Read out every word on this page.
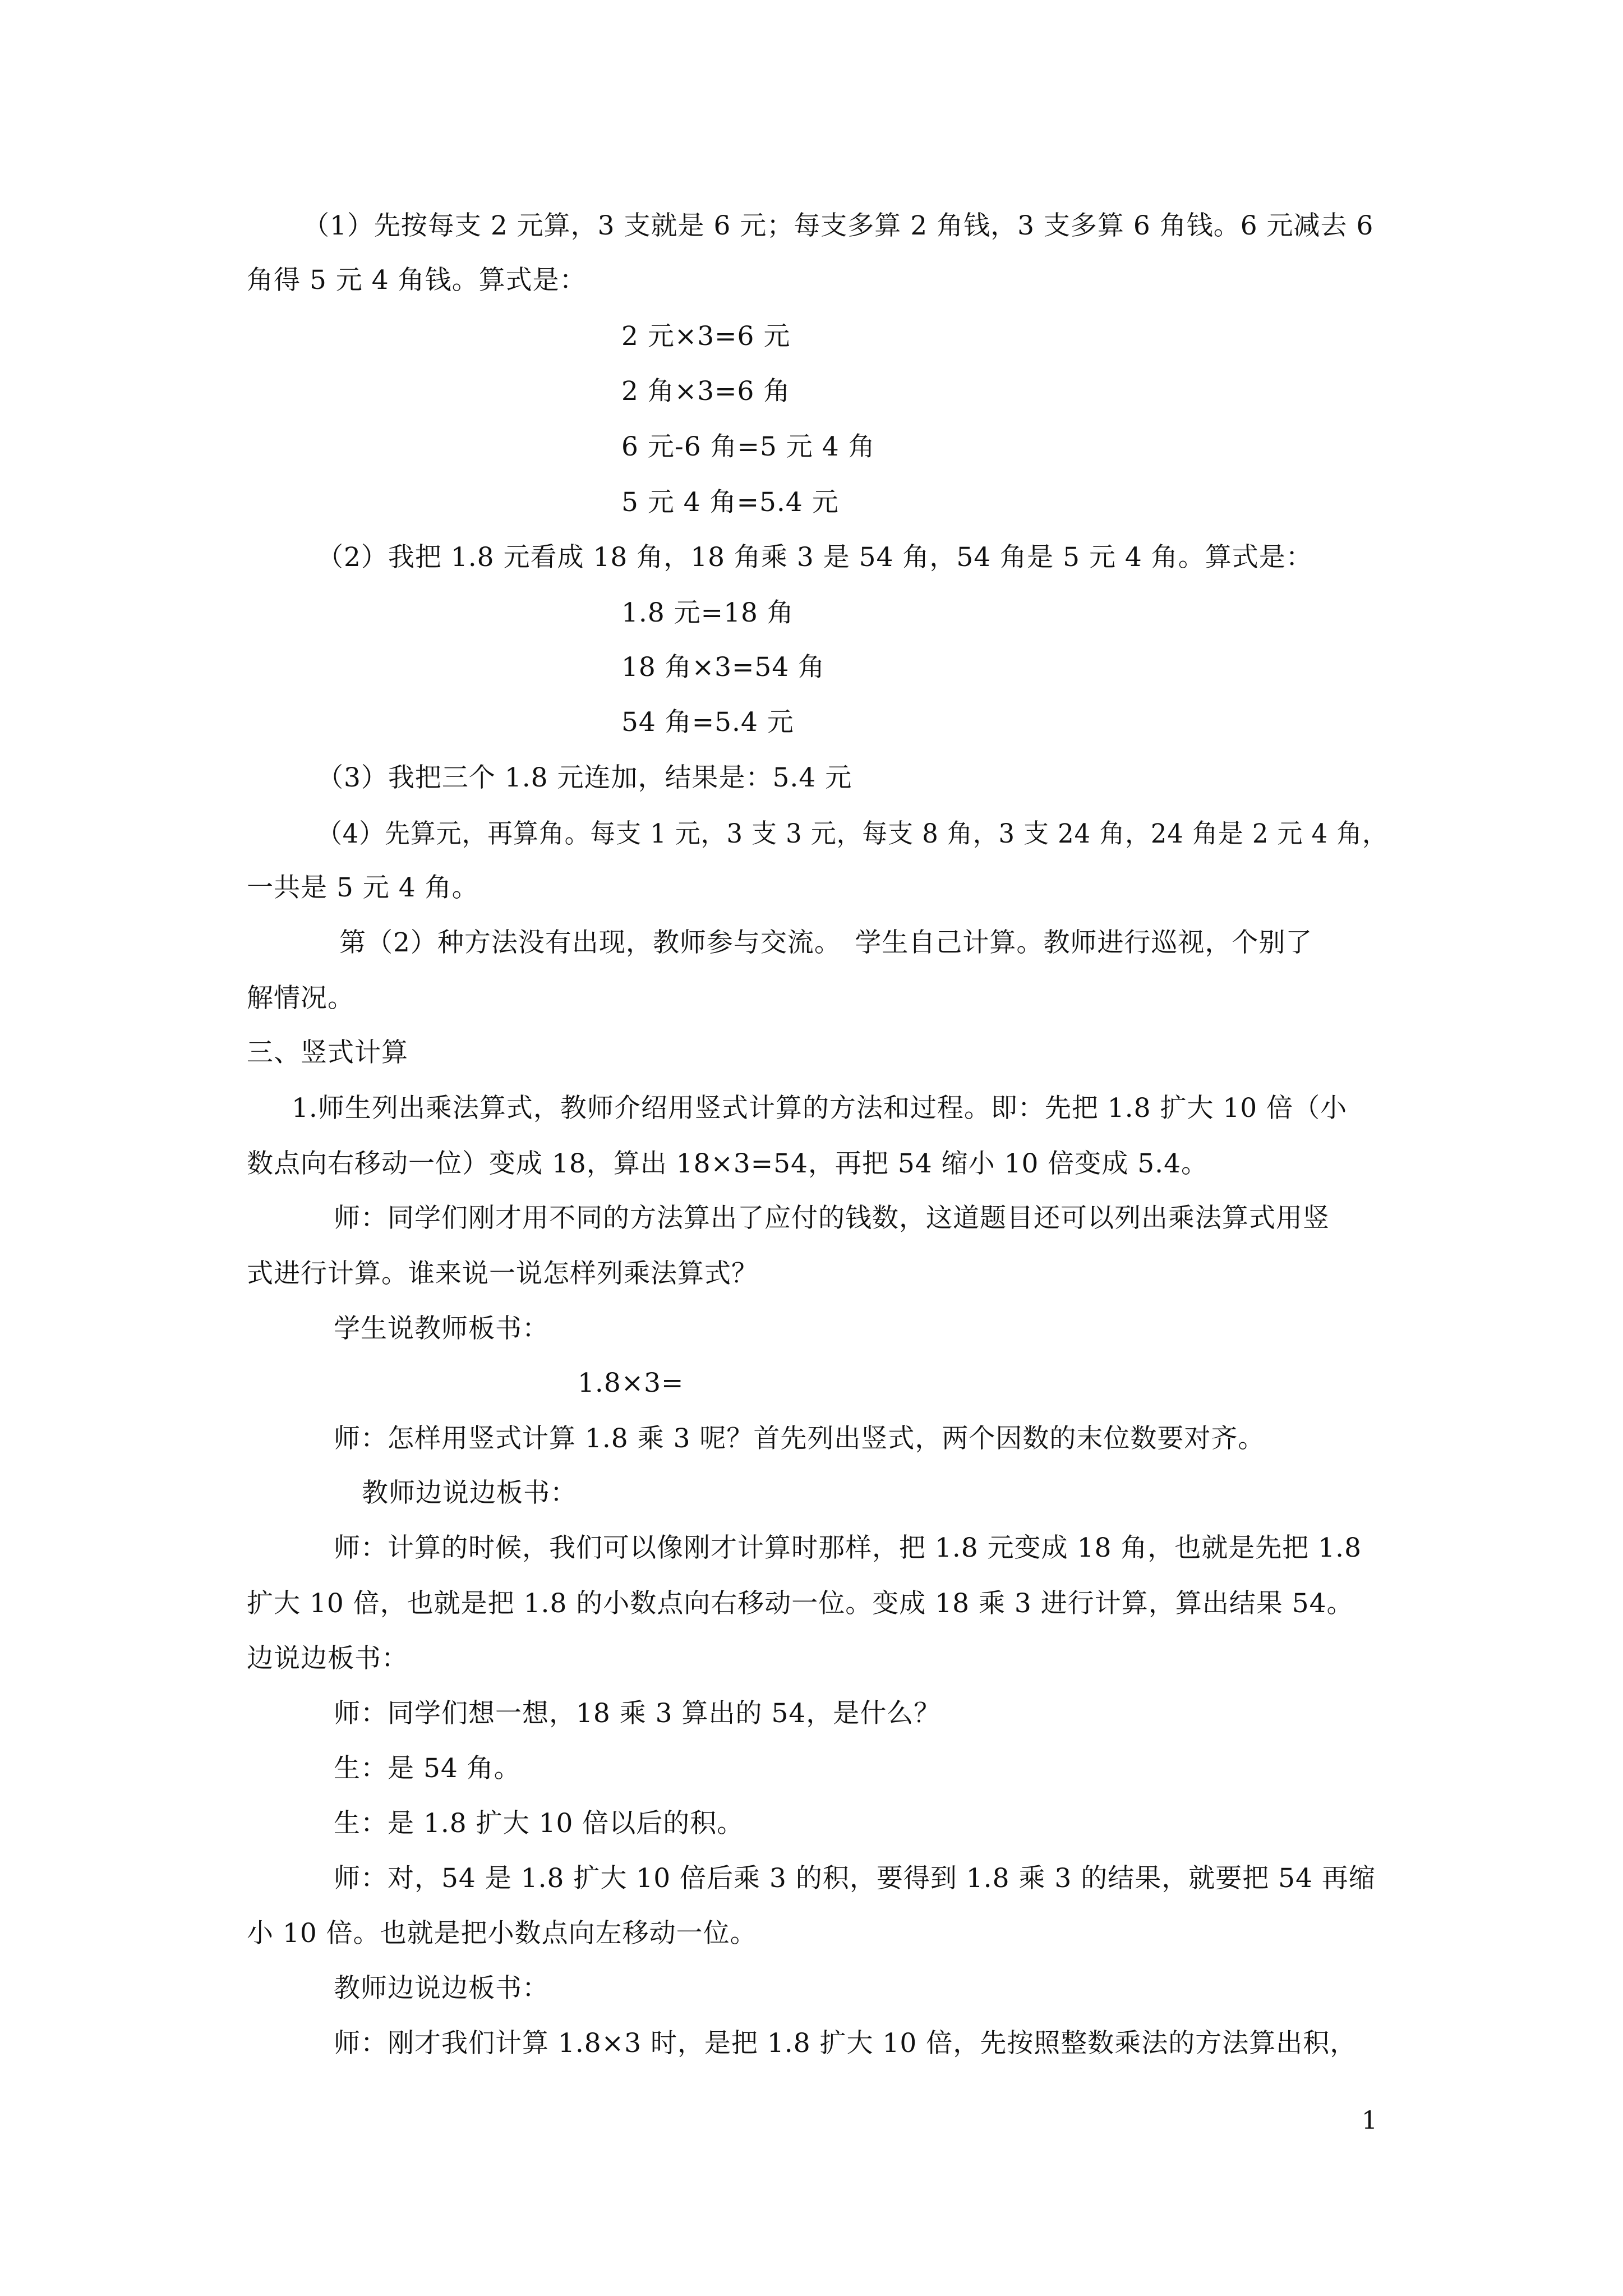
（1）先按每支 2 元算，3 支就是 6 元；每支多算 2 角钱，3 支多算 6 角钱。6 元减去 6

角得 5 元 4 角钱。算式是：

2 元×3=6 元

2 角×3=6 角

6 元-6 角=5 元 4 角

5 元 4 角=5.4 元

（2）我把 1.8 元看成 18 角，18 角乘 3 是 54 角，54 角是 5 元 4 角。算式是：

1.8 元=18 角

18 角×3=54 角

54 角=5.4 元

（3）我把三个 1.8 元连加，结果是：5.4 元

（4）先算元，再算角。每支 1 元，3 支 3 元，每支 8 角，3 支 24 角，24 角是 2 元 4 角，

一共是 5 元 4 角。

第（2）种方法没有出现，教师参与交流。　学生自己计算。教师进行巡视，个别了

解情况。

三、竖式计算

1.师生列出乘法算式，教师介绍用竖式计算的方法和过程。即：先把 1.8 扩大 10 倍（小

数点向右移动一位）变成 18，算出 18×3=54，再把 54 缩小 10 倍变成 5.4。

师：同学们刚才用不同的方法算出了应付的钱数，这道题目还可以列出乘法算式用竖

式进行计算。谁来说一说怎样列乘法算式？

学生说教师板书：

1.8×3=

师：怎样用竖式计算 1.8 乘 3 呢？首先列出竖式，两个因数的末位数要对齐。

教师边说边板书：

师：计算的时候，我们可以像刚才计算时那样，把 1.8 元变成 18 角，也就是先把 1.8

扩大 10 倍，也就是把 1.8 的小数点向右移动一位。变成 18 乘 3 进行计算，算出结果 54。

边说边板书：

师：同学们想一想，18 乘 3 算出的 54，是什么？

生：是 54 角。

生：是 1.8 扩大 10 倍以后的积。

师：对，54 是 1.8 扩大 10 倍后乘 3 的积，要得到 1.8 乘 3 的结果，就要把 54 再缩

小 10 倍。也就是把小数点向左移动一位。

教师边说边板书：

师：刚才我们计算 1.8×3 时，是把 1.8 扩大 10 倍，先按照整数乘法的方法算出积，

1
